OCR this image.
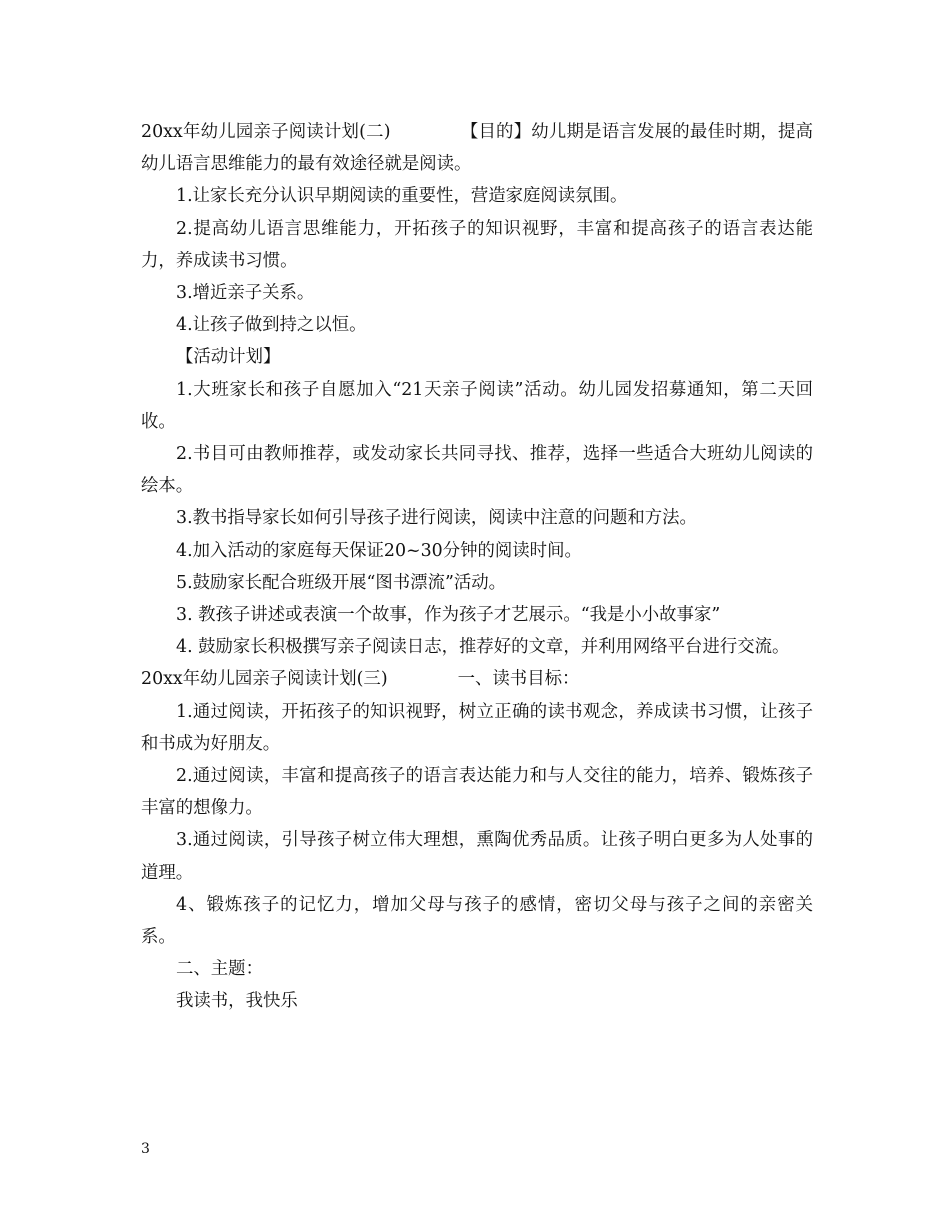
20xx年幼儿园亲子阅读计划(二)	【目的】幼儿期是语言发展的最佳时期，提高幼儿语言思维能力的最有效途径就是阅读。

1.让家长充分认识早期阅读的重要性，营造家庭阅读氛围。

2.提高幼儿语言思维能力，开拓孩子的知识视野，丰富和提高孩子的语言表达能力，养成读书习惯。

3.增近亲子关系。

4.让孩子做到持之以恒。

【活动计划】

1.大班家长和孩子自愿加入“21天亲子阅读”活动。幼儿园发招募通知，第二天回收。

2.书目可由教师推荐，或发动家长共同寻找、推荐，选择一些适合大班幼儿阅读的绘本。

3.教书指导家长如何引导孩子进行阅读，阅读中注意的问题和方法。

4.加入活动的家庭每天保证20~30分钟的阅读时间。

5.鼓励家长配合班级开展“图书漂流”活动。

3. 教孩子讲述或表演一个故事，作为孩子才艺展示。“我是小小故事家”

4. 鼓励家长积极撰写亲子阅读日志，推荐好的文章，并利用网络平台进行交流。

20xx年幼儿园亲子阅读计划(三)	一、读书目标：

1.通过阅读，开拓孩子的知识视野，树立正确的读书观念，养成读书习惯，让孩子和书成为好朋友。

2.通过阅读，丰富和提高孩子的语言表达能力和与人交往的能力，培养、锻炼孩子丰富的想像力。

3.通过阅读，引导孩子树立伟大理想，熏陶优秀品质。让孩子明白更多为人处事的道理。

4、锻炼孩子的记忆力，增加父母与孩子的感情，密切父母与孩子之间的亲密关系。

二、主题：

我读书，我快乐

3
